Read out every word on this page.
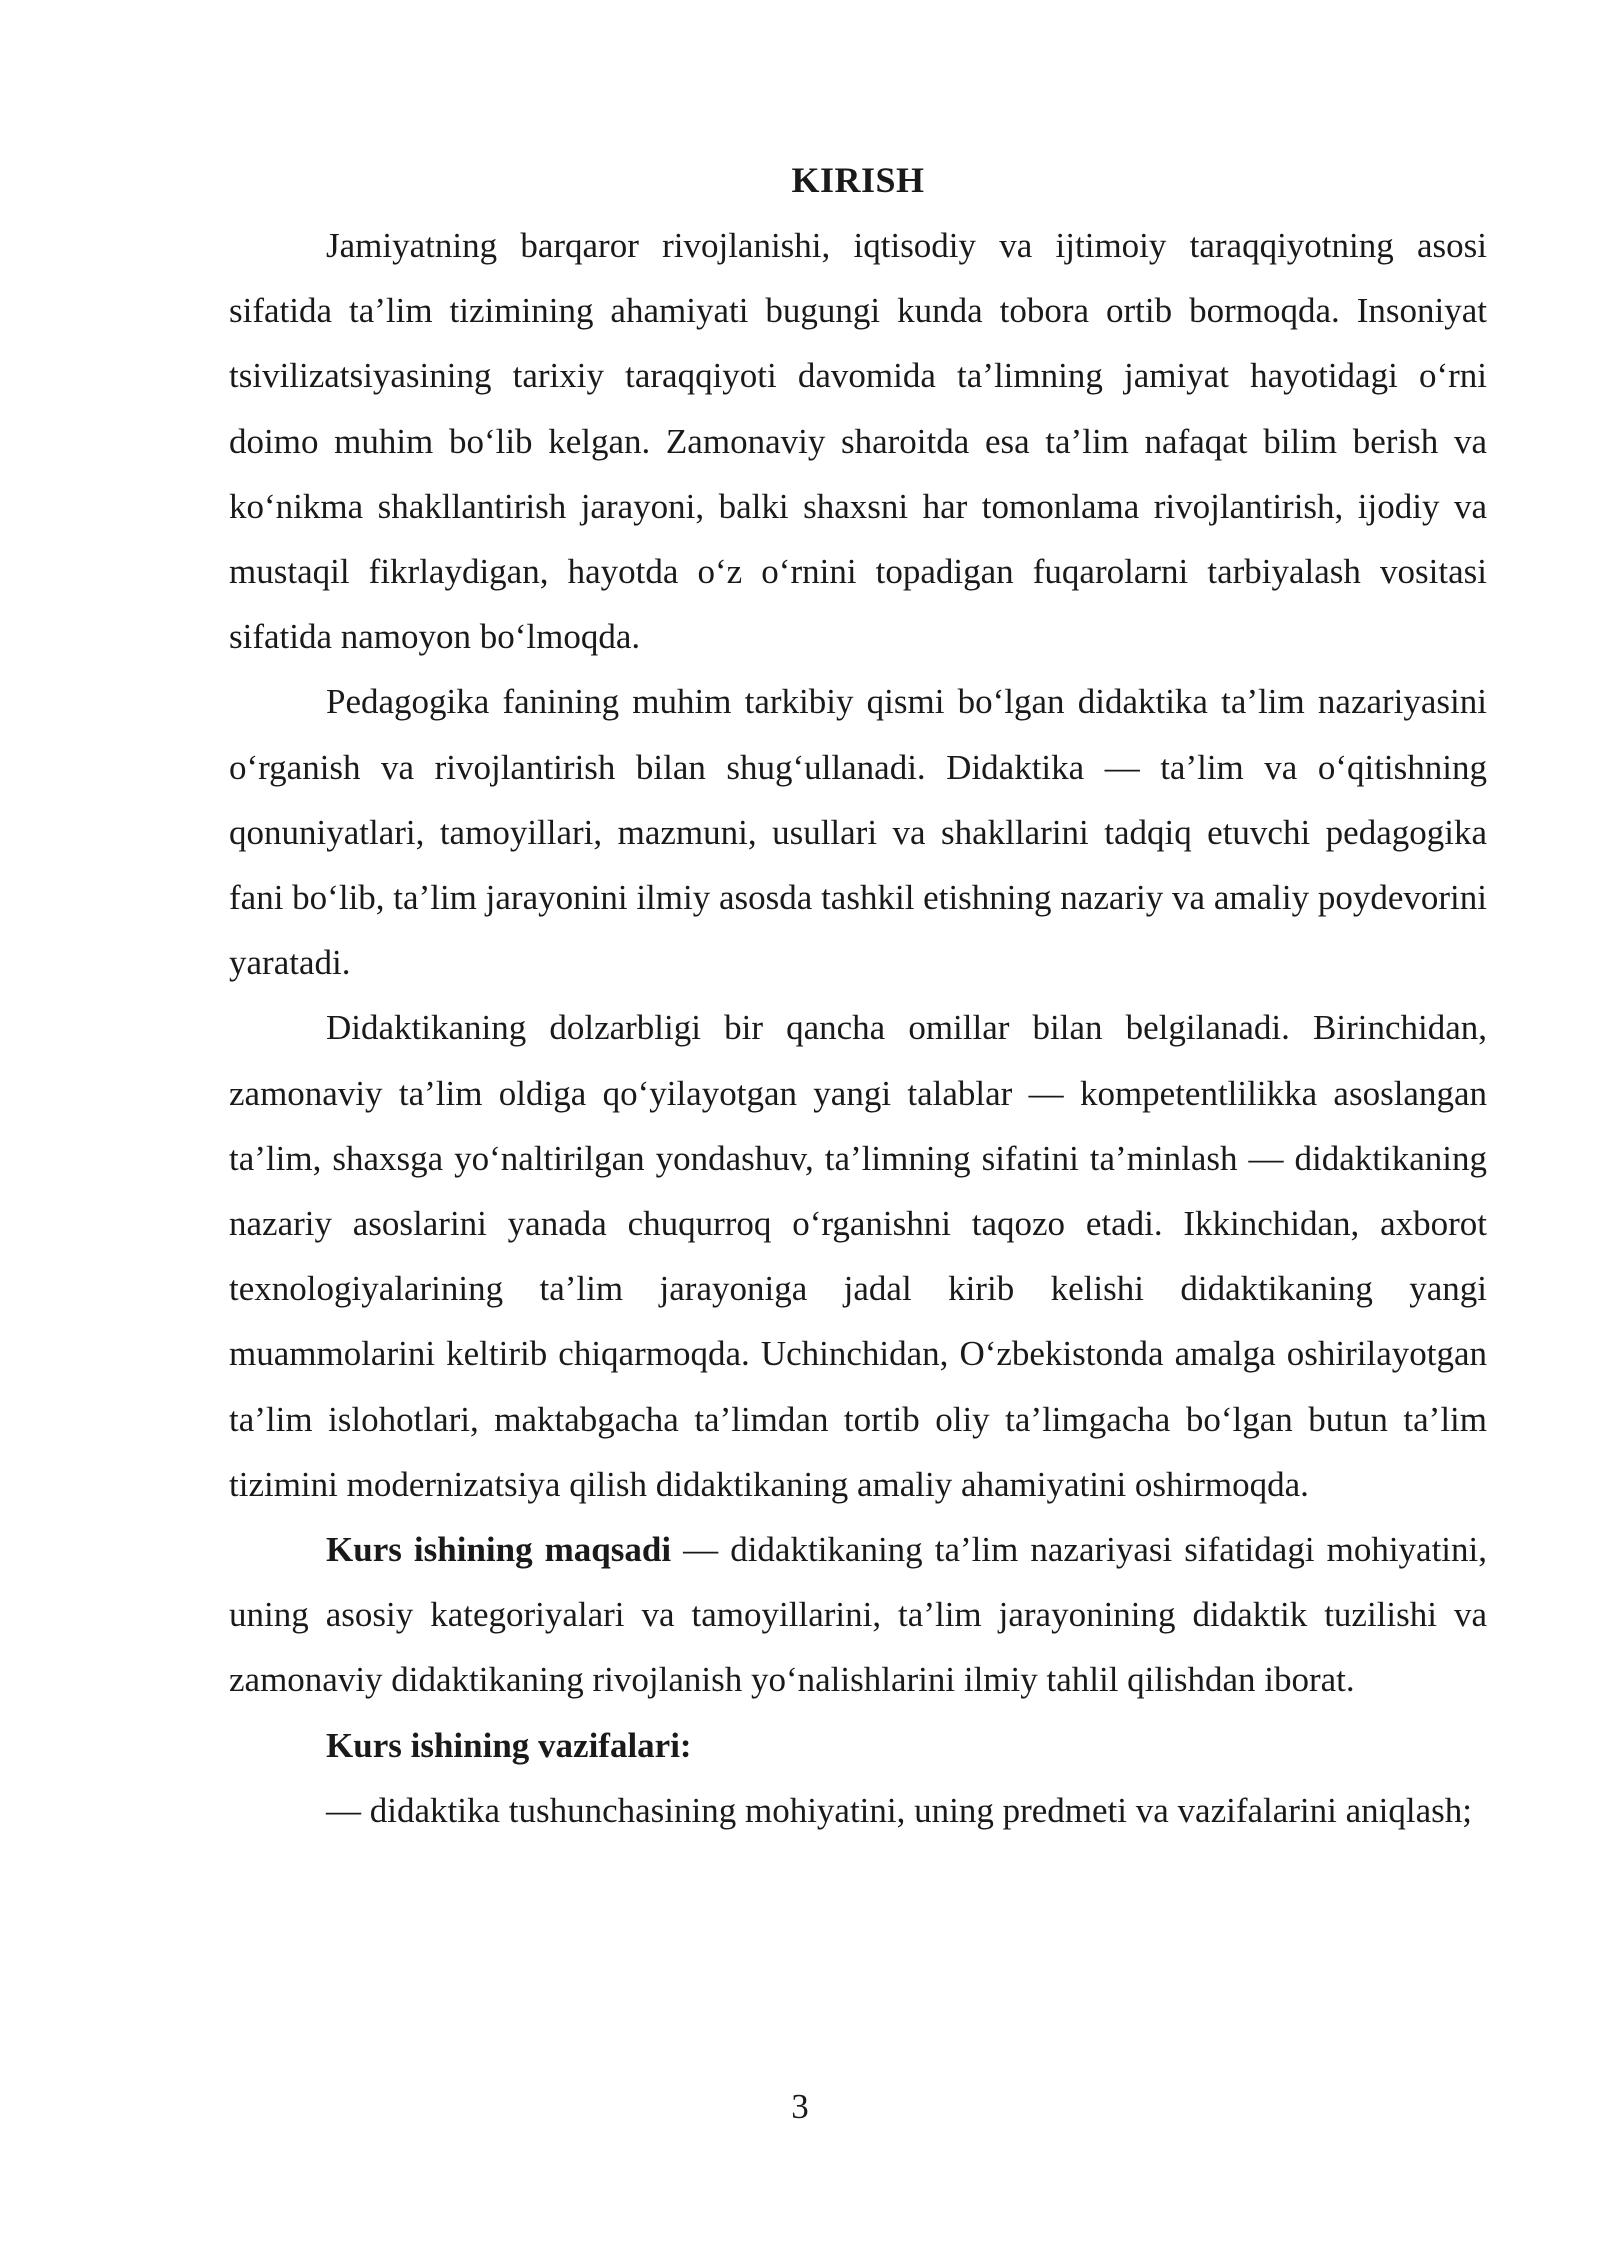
KIRISH

Jamiyatning barqaror rivojlanishi, iqtisodiy va ijtimoiy taraqqiyotning asosi sifatida ta’lim tizimining ahamiyati bugungi kunda tobora ortib bormoqda. Insoniyat tsivilizatsiyasining tarixiy taraqqiyoti davomida ta’limning jamiyat hayotidagi o‘rni doimo muhim bo‘lib kelgan. Zamonaviy sharoitda esa ta’lim nafaqat bilim berish va ko‘nikma shakllantirish jarayoni, balki shaxsni har tomonlama rivojlantirish, ijodiy va mustaqil fikrlaydigan, hayotda o‘z o‘rnini topadigan fuqarolarni tarbiyalash vositasi sifatida namoyon bo‘lmoqda.

Pedagogika fanining muhim tarkibiy qismi bo‘lgan didaktika ta’lim nazariyasini o‘rganish va rivojlantirish bilan shug‘ullanadi. Didaktika — ta’lim va o‘qitishning qonuniyatlari, tamoyillari, mazmuni, usullari va shakllarini tadqiq etuvchi pedagogika fani bo‘lib, ta’lim jarayonini ilmiy asosda tashkil etishning nazariy va amaliy poydevorini yaratadi.

Didaktikaning dolzarbligi bir qancha omillar bilan belgilanadi. Birinchidan, zamonaviy ta’lim oldiga qo‘yilayotgan yangi talablar — kompetentlilikka asoslangan ta’lim, shaxsga yo‘naltirilgan yondashuv, ta’limning sifatini ta’minlash — didaktikaning nazariy asoslarini yanada chuqurroq o‘rganishni taqozo etadi. Ikkinchidan, axborot texnologiyalarining ta’lim jarayoniga jadal kirib kelishi didaktikaning yangi muammolarini keltirib chiqarmoqda. Uchinchidan, O‘zbekistonda amalga oshirilayotgan ta’lim islohotlari, maktabgacha ta’limdan tortib oliy ta’limgacha bo‘lgan butun ta’lim tizimini modernizatsiya qilish didaktikaning amaliy ahamiyatini oshirmoqda.

Kurs ishining maqsadi — didaktikaning ta’lim nazariyasi sifatidagi mohiyatini, uning asosiy kategoriyalari va tamoyillarini, ta’lim jarayonining didaktik tuzilishi va zamonaviy didaktikaning rivojlanish yo‘nalishlarini ilmiy tahlil qilishdan iborat.

Kurs ishining vazifalari:

— didaktika tushunchasining mohiyatini, uning predmeti va vazifalarini aniqlash;

3
